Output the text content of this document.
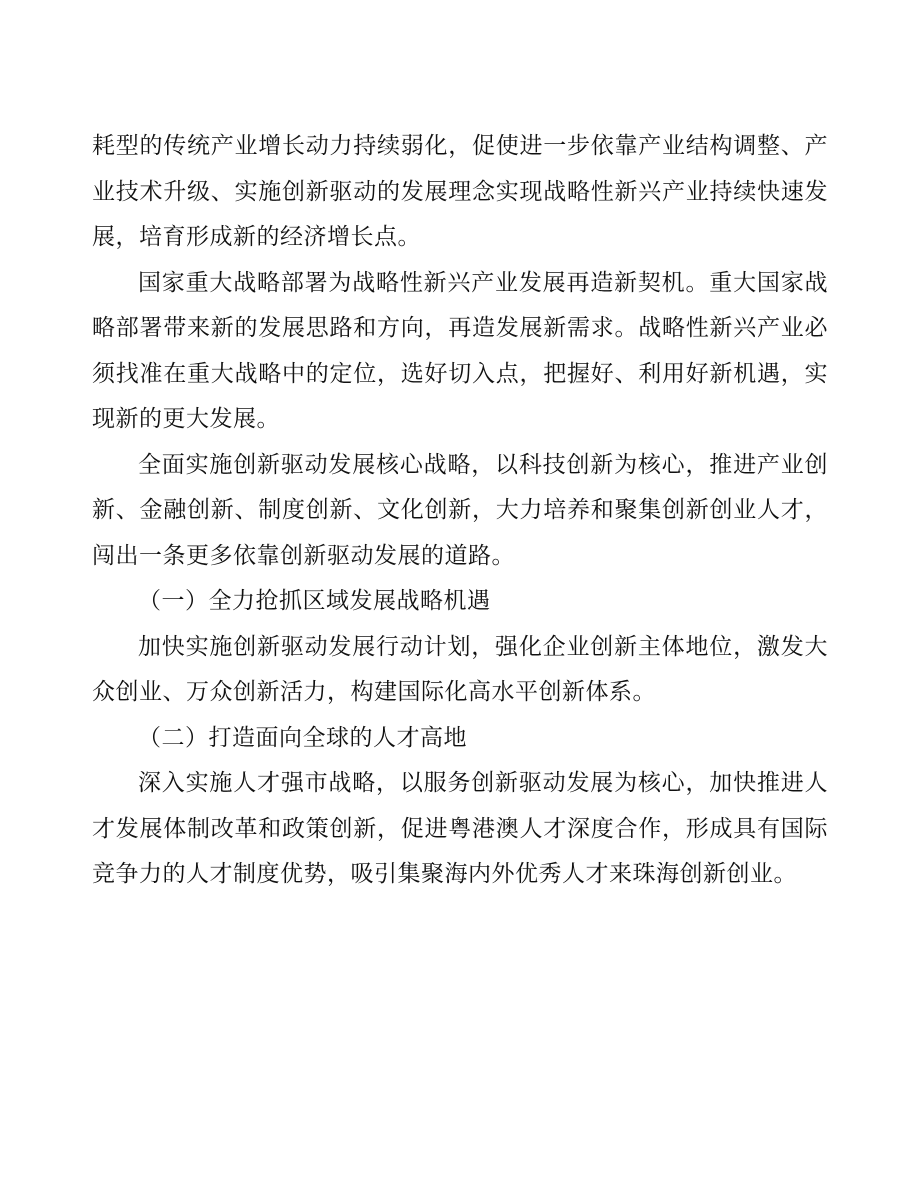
耗型的传统产业增长动力持续弱化，促使进一步依靠产业结构调整、产业技术升级、实施创新驱动的发展理念实现战略性新兴产业持续快速发展，培育形成新的经济增长点。

国家重大战略部署为战略性新兴产业发展再造新契机。重大国家战略部署带来新的发展思路和方向，再造发展新需求。战略性新兴产业必须找准在重大战略中的定位，选好切入点，把握好、利用好新机遇，实现新的更大发展。

全面实施创新驱动发展核心战略，以科技创新为核心，推进产业创新、金融创新、制度创新、文化创新，大力培养和聚集创新创业人才，闯出一条更多依靠创新驱动发展的道路。

（一）全力抢抓区域发展战略机遇

加快实施创新驱动发展行动计划，强化企业创新主体地位，激发大众创业、万众创新活力，构建国际化高水平创新体系。

（二）打造面向全球的人才高地

深入实施人才强市战略，以服务创新驱动发展为核心，加快推进人才发展体制改革和政策创新，促进粤港澳人才深度合作，形成具有国际竞争力的人才制度优势，吸引集聚海内外优秀人才来珠海创新创业。
